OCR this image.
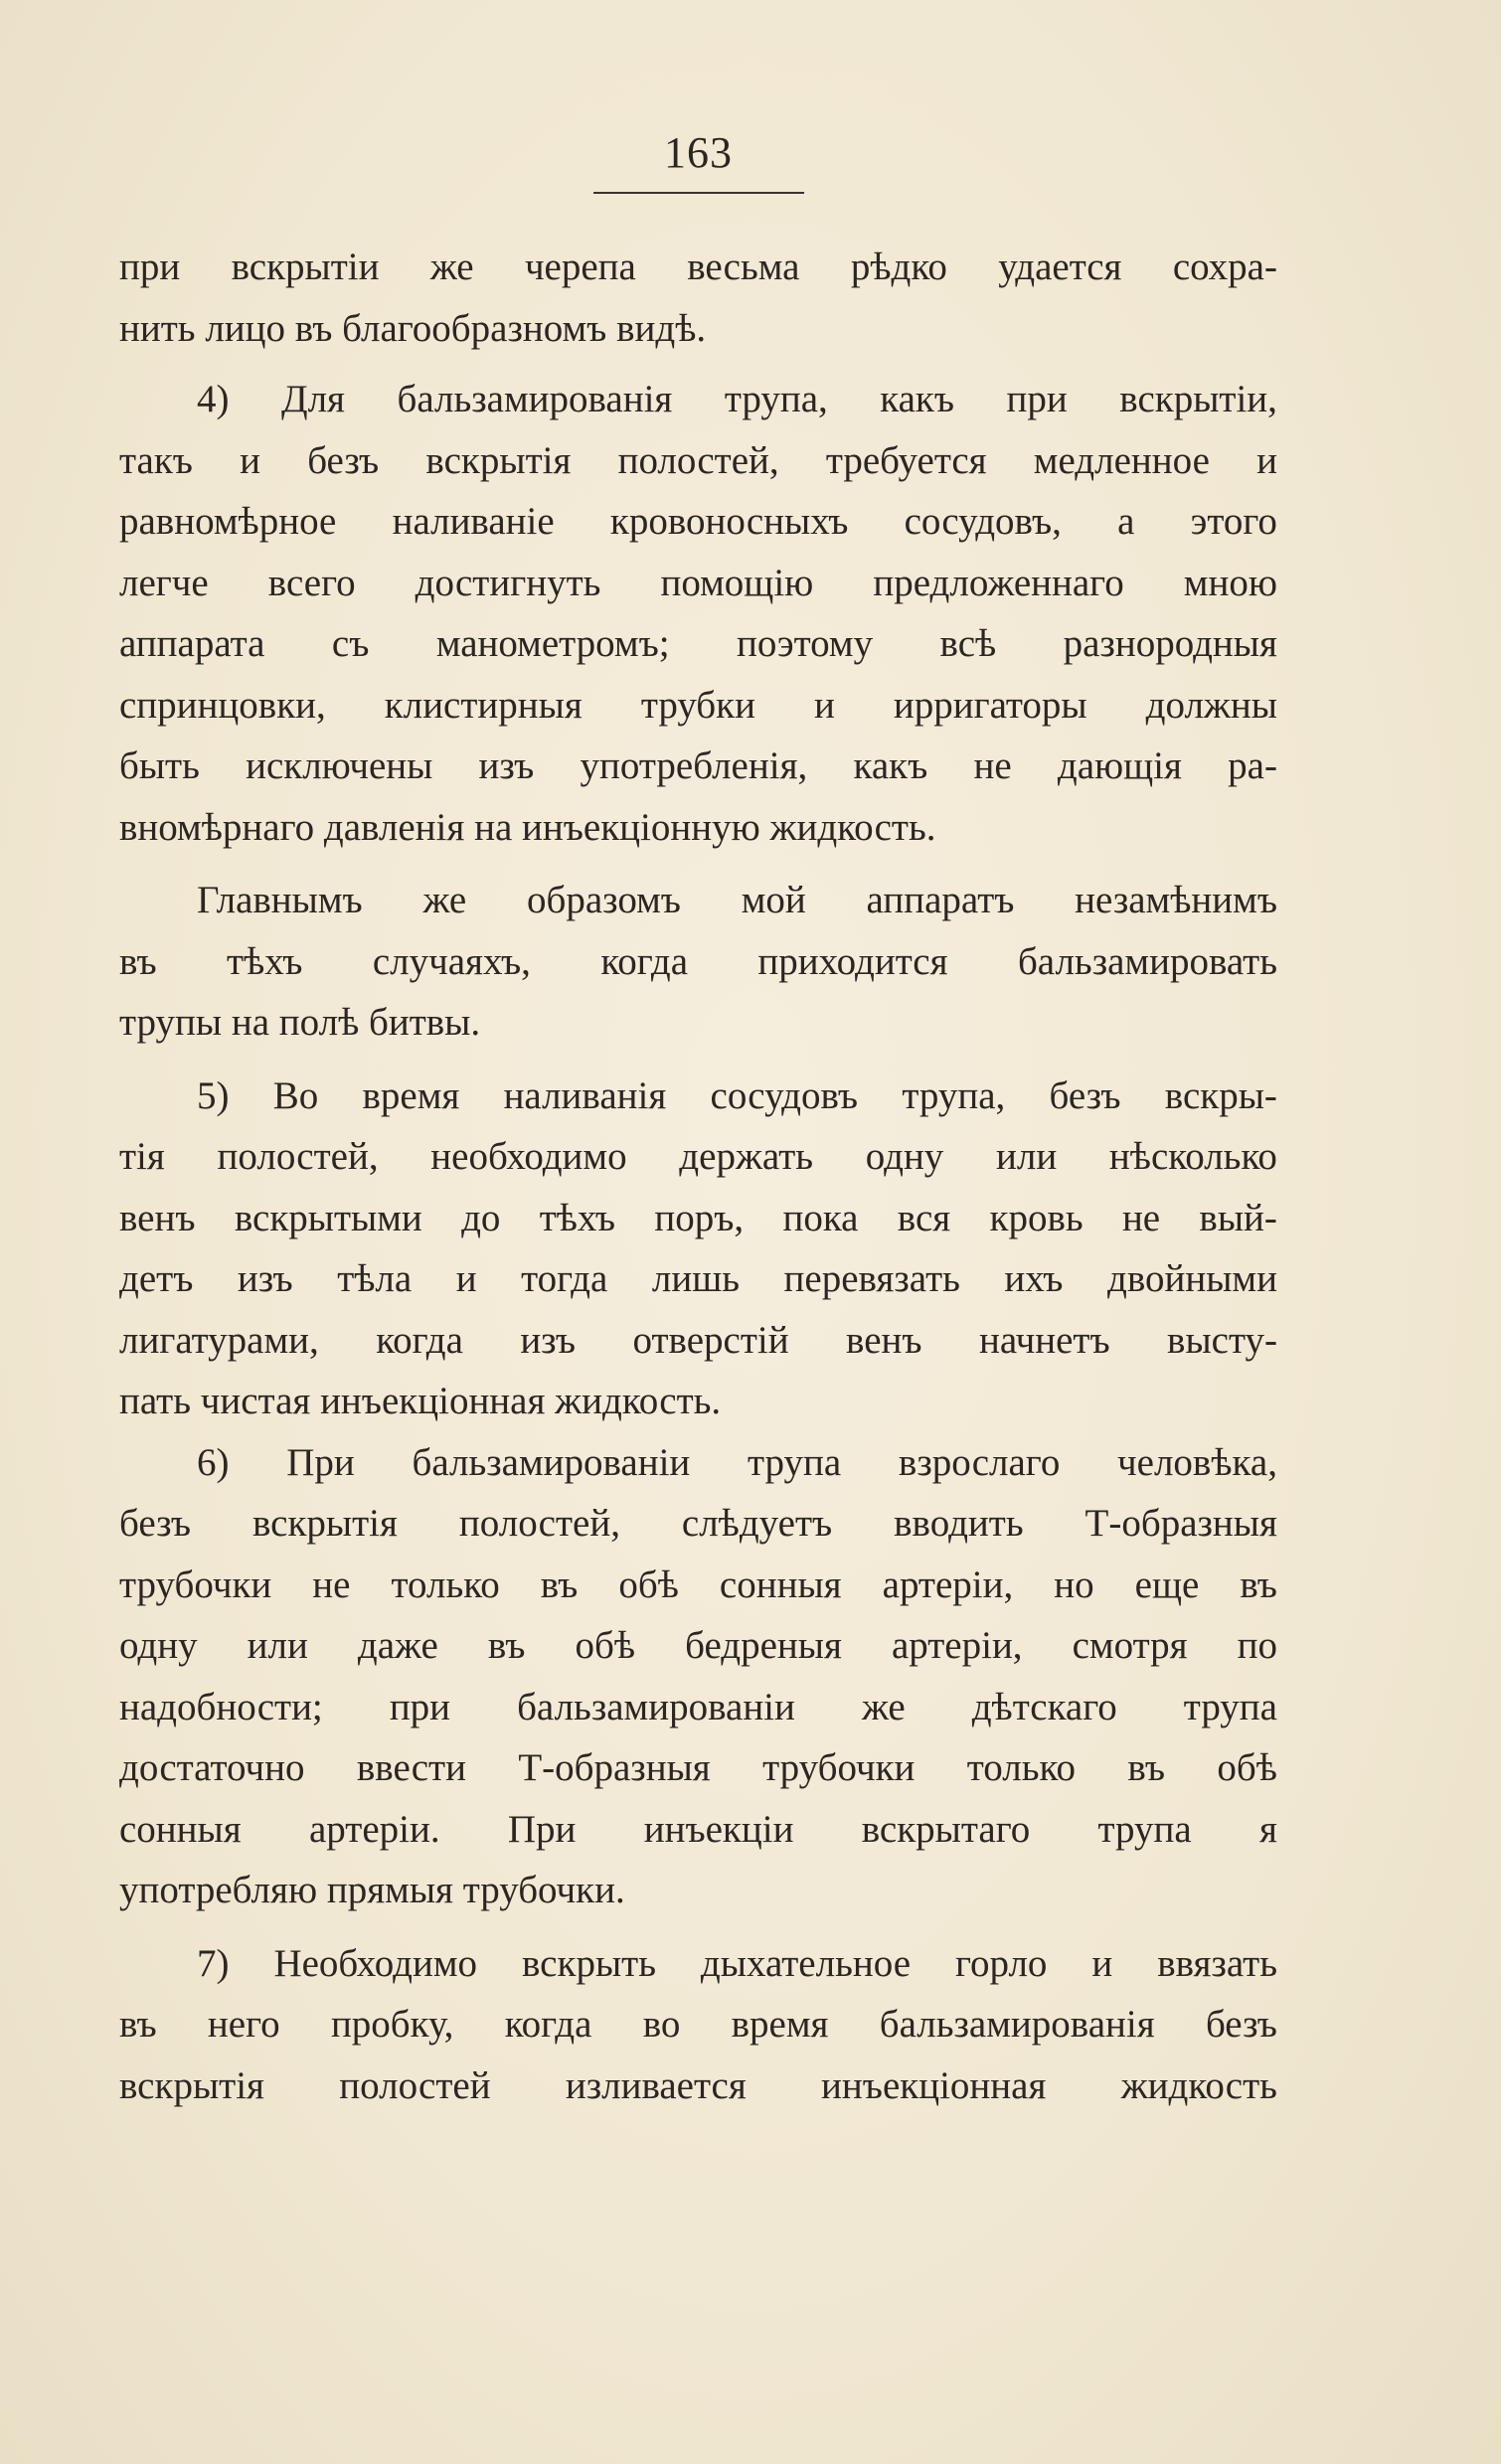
163

при вскрытіи же черепа весьма рѣдко удается сохра-
нить лицо въ благообразномъ видѣ.

4) Для бальзамированія трупа, какъ при вскрытіи,
такъ и безъ вскрытія полостей, требуется медленное и
равномѣрное наливаніе кровоносныхъ сосудовъ, а этого
легче всего достигнуть помощію предложеннаго мною
аппарата съ манометромъ; поэтому всѣ разнородныя
спринцовки, клистирныя трубки и ирригаторы должны
быть исключены изъ употребленія, какъ не дающія ра-
вномѣрнаго давленія на инъекціонную жидкость.

Главнымъ же образомъ мой аппаратъ незамѣнимъ
въ тѣхъ случаяхъ, когда приходится бальзамировать
трупы на полѣ битвы.

5) Во время наливанія сосудовъ трупа, безъ вскры-
тія полостей, необходимо держать одну или нѣсколько
венъ вскрытыми до тѣхъ поръ, пока вся кровь не вый-
детъ изъ тѣла и тогда лишь перевязать ихъ двойными
лигатурами, когда изъ отверстій венъ начнетъ высту-
пать чистая инъекціонная жидкость.

6) При бальзамированіи трупа взрослаго человѣка,
безъ вскрытія полостей, слѣдуетъ вводить Т-образныя
трубочки не только въ обѣ сонныя артеріи, но еще въ
одну или даже въ обѣ бедреныя артеріи, смотря по
надобности; при бальзамированіи же дѣтскаго трупа
достаточно ввести Т-образныя трубочки только въ обѣ
сонныя артеріи. При инъекціи вскрытаго трупа я
употребляю прямыя трубочки.

7) Необходимо вскрыть дыхательное горло и ввязать
въ него пробку, когда во время бальзамированія безъ
вскрытія полостей изливается инъекціонная жидкость
